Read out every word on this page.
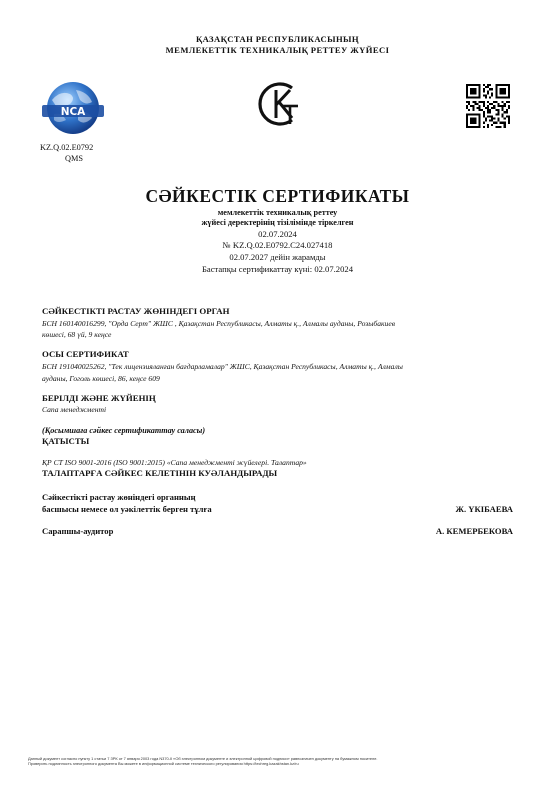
ҚАЗАҚСТАН РЕСПУБЛИКАСЫНЫҢ
МЕМЛЕКЕТТІК ТЕХНИКАЛЫҚ РЕТТЕУ ЖҮЙЕСІ
NCA
KZ.Q.02.E0792
QMS
СӘЙКЕСТІК СЕРТИФИКАТЫ
мемлекеттік техникалық реттеу
жүйесі деректерінің тізілімінде тіркелген
02.07.2024
№ KZ.Q.02.E0792.C24.027418
02.07.2027 дейін жарамды
Бастапқы сертификаттау күні: 02.07.2024
СӘЙКЕСТІКТІ РАСТАУ ЖӨНІНДЕГІ ОРГАН
БСН 160140016299, "Орда Серт" ЖШС , Қазақстан Республикасы, Алматы қ., Алмалы ауданы, Розыбакиев
көшесі, 68 үй, 9 кеңсе
ОСЫ СЕРТИФИКАТ
БСН 191040025262, "Тек лицензияланған бағдарламалар" ЖШС, Қазақстан Республикасы, Алматы қ., Алмалы
ауданы, Гоголь көшесі, 86, кеңсе 609
БЕРІЛДІ ЖӘНЕ ЖҮЙЕНІҢ
Сапа менеджменті
(Қосымшаға сәйкес сертификаттау саласы)
ҚАТЫСТЫ
ҚР СТ ISO 9001-2016 (ISO 9001:2015) «Сапа менеджменті жүйелері. Талаптар»
ТАЛАПТАРҒА СӘЙКЕС КЕЛЕТІНІН КУӘЛАНДЫРАДЫ
Сәйкестікті растау жөніндегі органның
басшысы немесе ол уәкілеттік берген тұлға	Ж. ҮКІБАЕВА
Сарапшы-аудитор	А. КЕМЕРБЕКОВА
Данный документ согласно пункту 1 статьи 7 ЗРК от 7 января 2003 года N370-II «Об электронном документе и электронной цифровой подписи» равнозначен документу на бумажном носителе.
Проверить подлинность электронного документа Вы можете в информационной системе технического регулирования https://techreg.kazakhstan.kz/ru
